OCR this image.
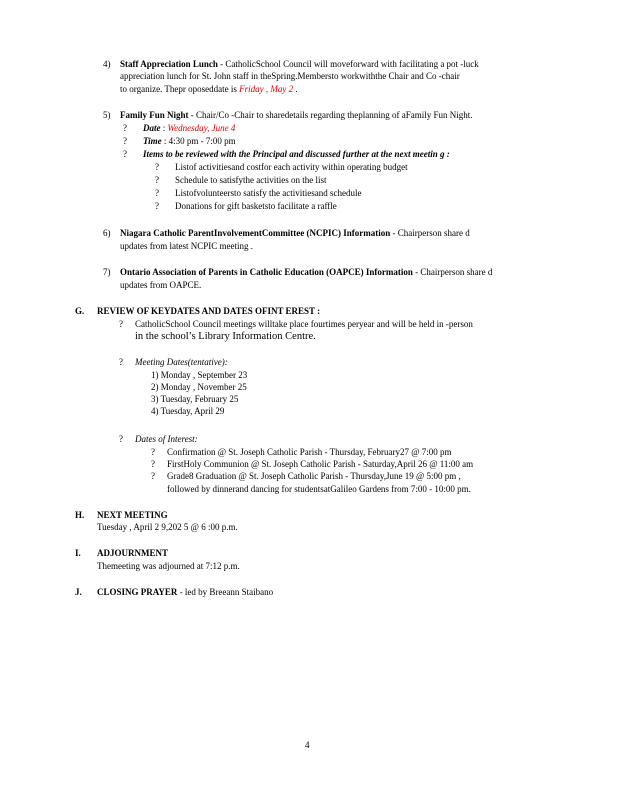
4) Staff Appreciation Lunch - CatholicSchool Council will moveforward with facilitating a pot -luck
appreciation lunch for St. John staff in theSpring.Membersto workwiththe Chair and Co -chair
to organize. Thepr oposeddate is Friday , May 2 .
5) Family Fun Night - Chair/Co -Chair to sharedetails regarding theplanning of aFamily Fun Night.
? Date : Wednesday, June 4
? Time : 4:30 pm - 7:00 pm
? Items to be reviewed with the Principal and discussed further at the next meetin g :
? Listof activitiesand costfor each activity within operating budget
? Schedule to satisfythe activities on the list
? Listofvolunteersto satisfy the activitiesand schedule
? Donations for gift basketsto facilitate a raffle
6) Niagara Catholic ParentInvolvementCommittee (NCPIC) Information - Chairperson share d
updates from latest NCPIC meeting .
7) Ontario Association of Parents in Catholic Education (OAPCE) Information - Chairperson share d
updates from OAPCE.
G. REVIEW OF KEYDATES AND DATES OFINT EREST :
? CatholicSchool Council meetings willtake place fourtimes peryear and will be held in -person
in the school’s Library Information Centre.
? Meeting Dates(tentative):
1) Monday , September 23
2) Monday , November 25
3) Tuesday, February 25
4) Tuesday, April 29
? Dates of Interest:
? Confirmation @ St. Joseph Catholic Parish - Thursday, February27 @ 7:00 pm
? FirstHoly Communion @ St. Joseph Catholic Parish - Saturday,April 26 @ 11:00 am
? Grade8 Graduation @ St. Joseph Catholic Parish - Thursday,June 19 @ 5:00 pm ,
followed by dinnerand dancing for studentsatGalileo Gardens from 7:00 - 10:00 pm.
H. NEXT MEETING
Tuesday , April 2 9,202 5 @ 6 :00 p.m.
I. ADJOURNMENT
Themeeting was adjourned at 7:12 p.m.
J. CLOSING PRAYER - led by Breeann Staibano
4
